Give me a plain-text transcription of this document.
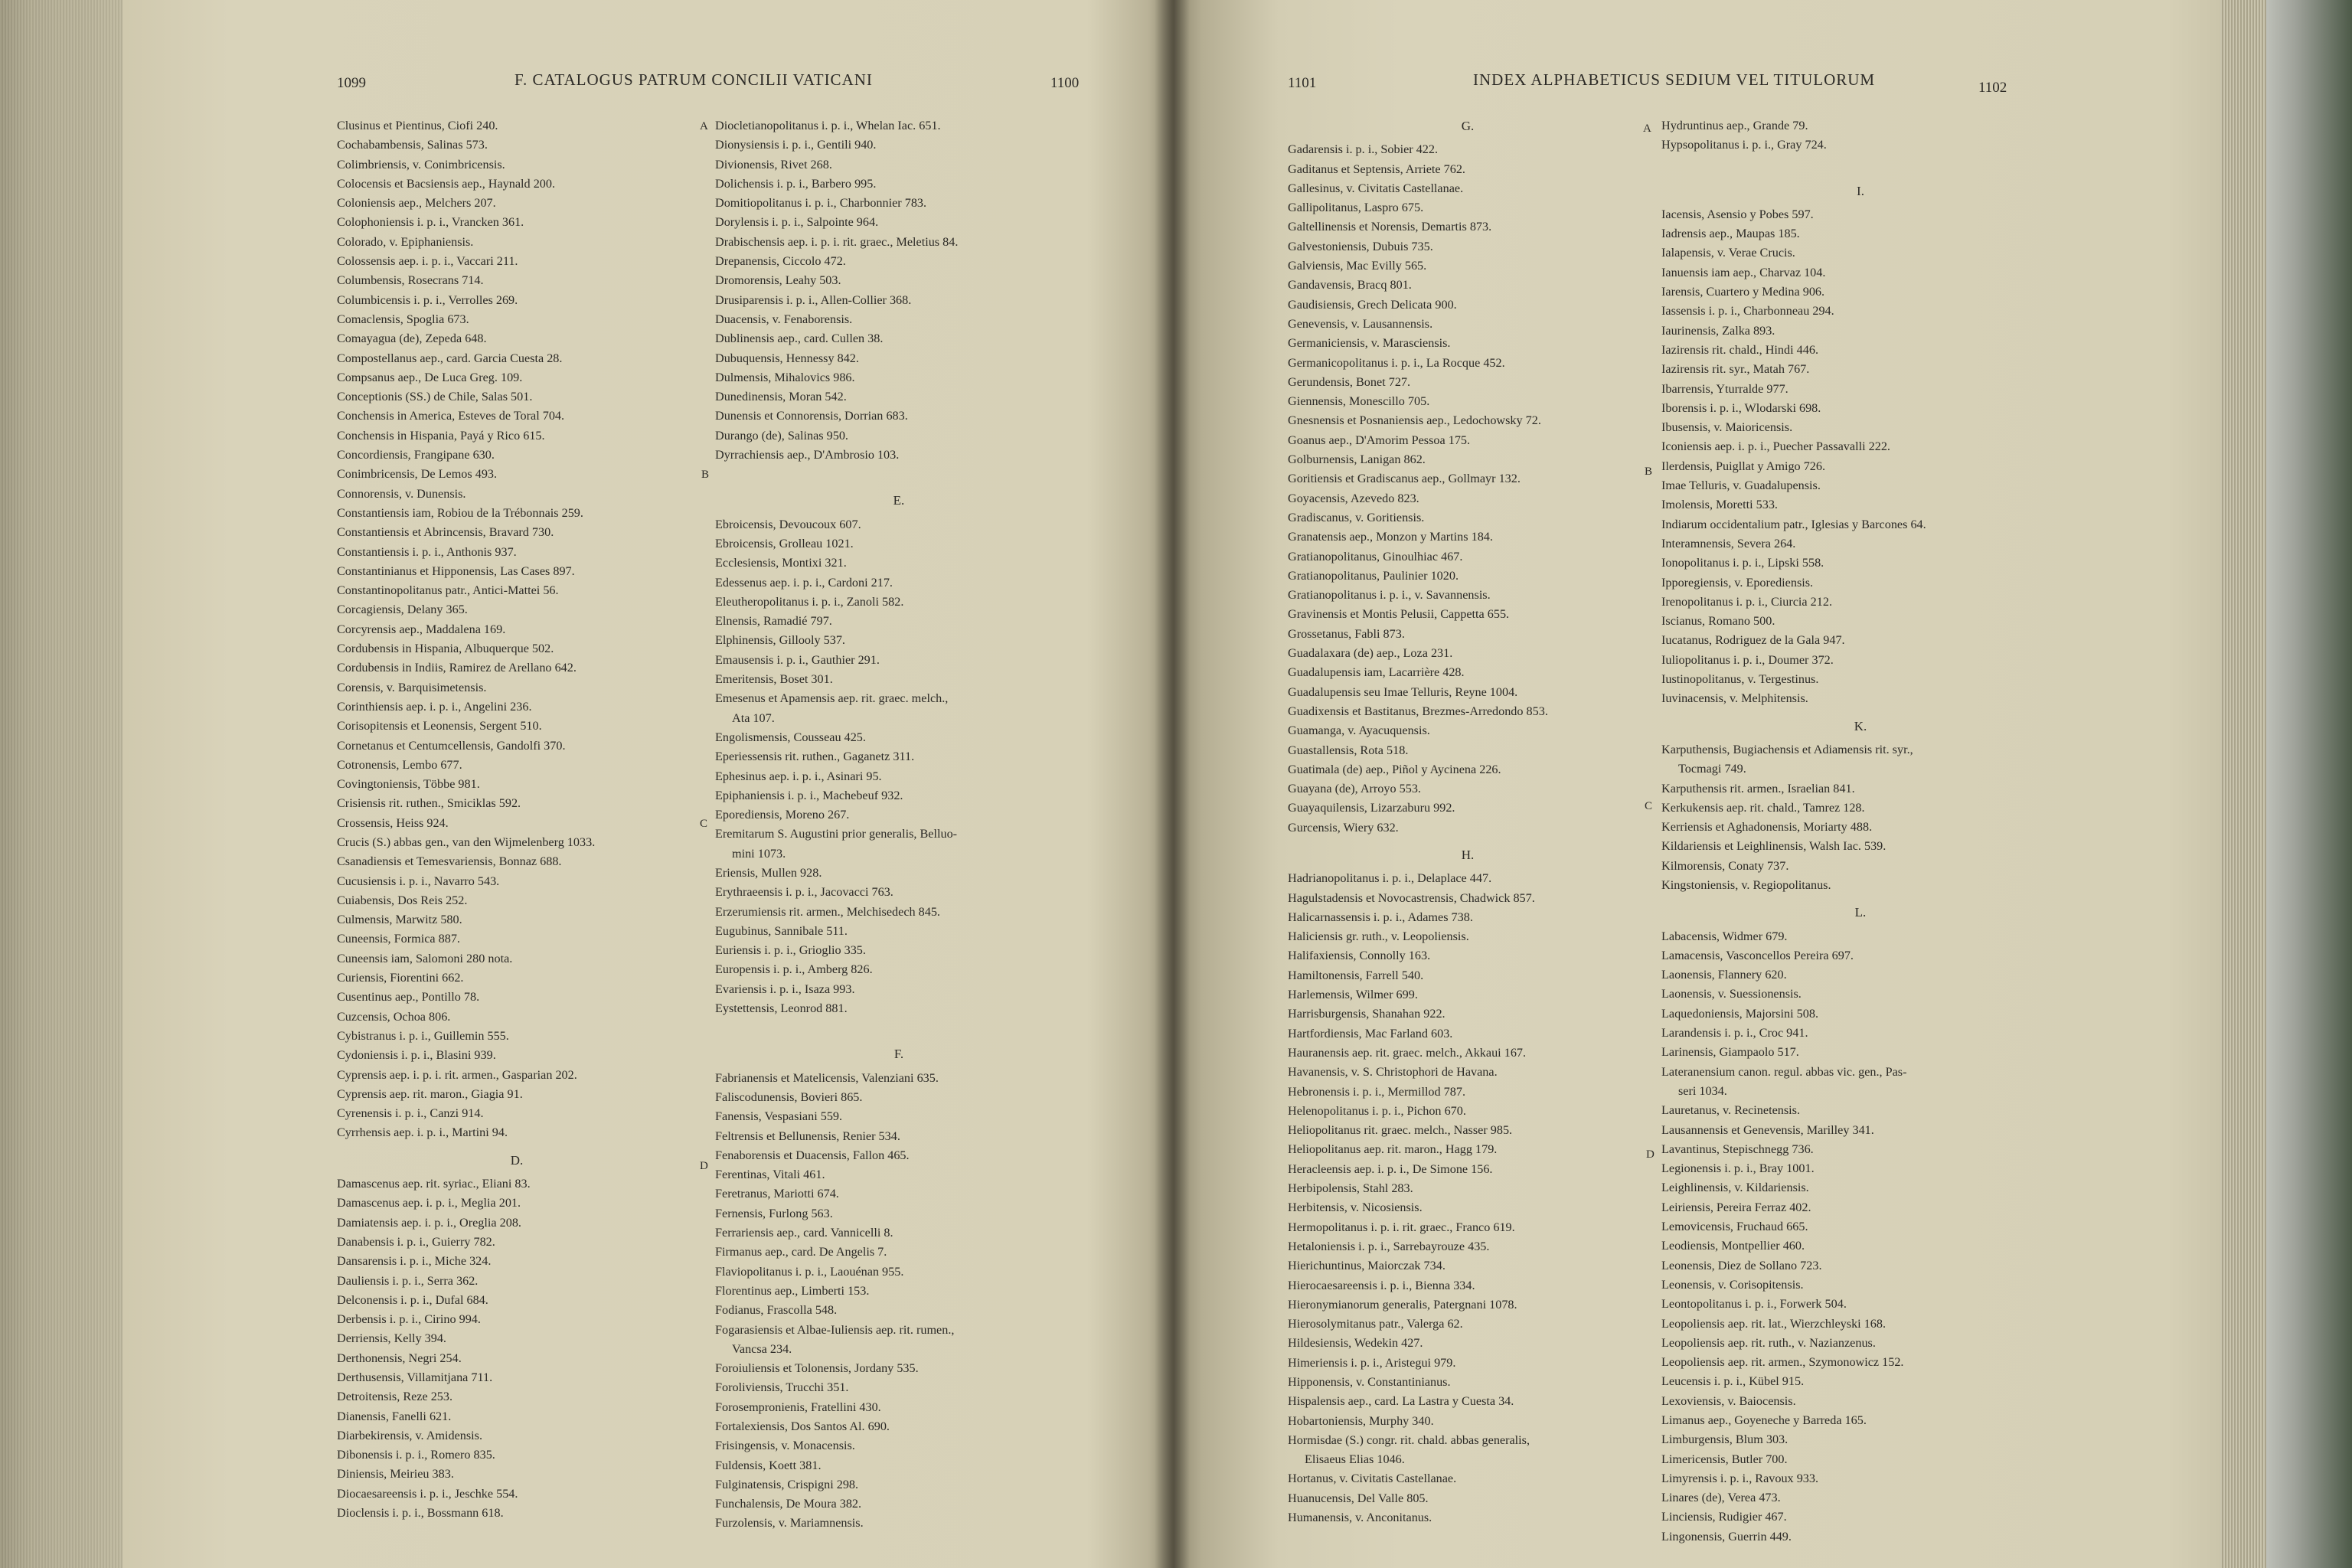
1099	F. CATALOGUS PATRUM CONCILII VATICANI	1100
A
B
C
D
Clusinus et Pientinus, Ciofi 240.
Cochabambensis, Salinas 573.
Colimbriensis, v. Conimbricensis.
Colocensis et Bacsiensis aep., Haynald 200.
Coloniensis aep., Melchers 207.
Colophoniensis i. p. i., Vrancken 361.
Colorado, v. Epiphaniensis.
Colossensis aep. i. p. i., Vaccari 211.
Columbensis, Rosecrans 714.
Columbicensis i. p. i., Verrolles 269.
Comaclensis, Spoglia 673.
Comayagua (de), Zepeda 648.
Compostellanus aep., card. Garcia Cuesta 28.
Compsanus aep., De Luca Greg. 109.
Conceptionis (SS.) de Chile, Salas 501.
Conchensis in America, Esteves de Toral 704.
Conchensis in Hispania, Payá y Rico 615.
Concordiensis, Frangipane 630.
Conimbricensis, De Lemos 493.
Connorensis, v. Dunensis.
Constantiensis iam, Robiou de la Trébonnais 259.
Constantiensis et Abrincensis, Bravard 730.
Constantiensis i. p. i., Anthonis 937.
Constantinianus et Hipponensis, Las Cases 897.
Constantinopolitanus patr., Antici-Mattei 56.
Corcagiensis, Delany 365.
Corcyrensis aep., Maddalena 169.
Cordubensis in Hispania, Albuquerque 502.
Cordubensis in Indiis, Ramirez de Arellano 642.
Corensis, v. Barquisimetensis.
Corinthiensis aep. i. p. i., Angelini 236.
Corisopitensis et Leonensis, Sergent 510.
Cornetanus et Centumcellensis, Gandolfi 370.
Cotronensis, Lembo 677.
Covingtoniensis, Többe 981.
Crisiensis rit. ruthen., Smiciklas 592.
Crossensis, Heiss 924.
Crucis (S.) abbas gen., van den Wijmelenberg 1033.
Csanadiensis et Temesvariensis, Bonnaz 688.
Cucusiensis i. p. i., Navarro 543.
Cuiabensis, Dos Reis 252.
Culmensis, Marwitz 580.
Cuneensis, Formica 887.
Cuneensis iam, Salomoni 280 nota.
Curiensis, Fiorentini 662.
Cusentinus aep., Pontillo 78.
Cuzcensis, Ochoa 806.
Cybistranus i. p. i., Guillemin 555.
Cydoniensis i. p. i., Blasini 939.
Cyprensis aep. i. p. i. rit. armen., Gasparian 202.
Cyprensis aep. rit. maron., Giagia 91.
Cyrenensis i. p. i., Canzi 914.
Cyrrhensis aep. i. p. i., Martini 94.
D.
Damascenus aep. rit. syriac., Eliani 83.
Damascenus aep. i. p. i., Meglia 201.
Damiatensis aep. i. p. i., Oreglia 208.
Danabensis i. p. i., Guierry 782.
Dansarensis i. p. i., Miche 324.
Dauliensis i. p. i., Serra 362.
Delconensis i. p. i., Dufal 684.
Derbensis i. p. i., Cirino 994.
Derriensis, Kelly 394.
Derthonensis, Negri 254.
Derthusensis, Villamitjana 711.
Detroitensis, Reze 253.
Dianensis, Fanelli 621.
Diarbekirensis, v. Amidensis.
Dibonensis i. p. i., Romero 835.
Diniensis, Meirieu 383.
Diocaesareensis i. p. i., Jeschke 554.
Dioclensis i. p. i., Bossmann 618.
Diocletianopolitanus i. p. i., Whelan Iac. 651.
Dionysiensis i. p. i., Gentili 940.
Divionensis, Rivet 268.
Dolichensis i. p. i., Barbero 995.
Domitiopolitanus i. p. i., Charbonnier 783.
Dorylensis i. p. i., Salpointe 964.
Drabischensis aep. i. p. i. rit. graec., Meletius 84.
Drepanensis, Ciccolo 472.
Dromorensis, Leahy 503.
Drusiparensis i. p. i., Allen-Collier 368.
Duacensis, v. Fenaborensis.
Dublinensis aep., card. Cullen 38.
Dubuquensis, Hennessy 842.
Dulmensis, Mihalovics 986.
Dunedinensis, Moran 542.
Dunensis et Connorensis, Dorrian 683.
Durango (de), Salinas 950.
Dyrrachiensis aep., D'Ambrosio 103.
E.
Ebroicensis, Devoucoux 607.
Ebroicensis, Grolleau 1021.
Ecclesiensis, Montixi 321.
Edessenus aep. i. p. i., Cardoni 217.
Eleutheropolitanus i. p. i., Zanoli 582.
Elnensis, Ramadié 797.
Elphinensis, Gillooly 537.
Emausensis i. p. i., Gauthier 291.
Emeritensis, Boset 301.
Emesenus et Apamensis aep. rit. graec. melch.,
Ata 107.
Engolismensis, Cousseau 425.
Eperiessensis rit. ruthen., Gaganetz 311.
Ephesinus aep. i. p. i., Asinari 95.
Epiphaniensis i. p. i., Machebeuf 932.
Eporediensis, Moreno 267.
Eremitarum S. Augustini prior generalis, Belluo-
mini 1073.
Eriensis, Mullen 928.
Erythraeensis i. p. i., Jacovacci 763.
Erzerumiensis rit. armen., Melchisedech 845.
Eugubinus, Sannibale 511.
Euriensis i. p. i., Grioglio 335.
Europensis i. p. i., Amberg 826.
Evariensis i. p. i., Isaza 993.
Eystettensis, Leonrod 881.
F.
Fabrianensis et Matelicensis, Valenziani 635.
Faliscodunensis, Bovieri 865.
Fanensis, Vespasiani 559.
Feltrensis et Bellunensis, Renier 534.
Fenaborensis et Duacensis, Fallon 465.
Ferentinas, Vitali 461.
Feretranus, Mariotti 674.
Fernensis, Furlong 563.
Ferrariensis aep., card. Vannicelli 8.
Firmanus aep., card. De Angelis 7.
Flaviopolitanus i. p. i., Laouénan 955.
Florentinus aep., Limberti 153.
Fodianus, Frascolla 548.
Fogarasiensis et Albae-Iuliensis aep. rit. rumen.,
Vancsa 234.
Foroiuliensis et Tolonensis, Jordany 535.
Foroliviensis, Trucchi 351.
Forosempronienis, Fratellini 430.
Fortalexiensis, Dos Santos Al. 690.
Frisingensis, v. Monacensis.
Fuldensis, Koett 381.
Fulginatensis, Crispigni 298.
Funchalensis, De Moura 382.
Furzolensis, v. Mariamnensis.
1101	INDEX ALPHABETICUS SEDIUM VEL TITULORUM	1102
A
B
C
D
G.
Gadarensis i. p. i., Sobier 422.
Gaditanus et Septensis, Arriete 762.
Gallesinus, v. Civitatis Castellanae.
Gallipolitanus, Laspro 675.
Galtellinensis et Norensis, Demartis 873.
Galvestoniensis, Dubuis 735.
Galviensis, Mac Evilly 565.
Gandavensis, Bracq 801.
Gaudisiensis, Grech Delicata 900.
Genevensis, v. Lausannensis.
Germaniciensis, v. Marasciensis.
Germanicopolitanus i. p. i., La Rocque 452.
Gerundensis, Bonet 727.
Giennensis, Monescillo 705.
Gnesnensis et Posnaniensis aep., Ledochowsky 72.
Goanus aep., D'Amorim Pessoa 175.
Golburnensis, Lanigan 862.
Goritiensis et Gradiscanus aep., Gollmayr 132.
Goyacensis, Azevedo 823.
Gradiscanus, v. Goritiensis.
Granatensis aep., Monzon y Martins 184.
Gratianopolitanus, Ginoulhiac 467.
Gratianopolitanus, Paulinier 1020.
Gratianopolitanus i. p. i., v. Savannensis.
Gravinensis et Montis Pelusii, Cappetta 655.
Grossetanus, Fabli 873.
Guadalaxara (de) aep., Loza 231.
Guadalupensis iam, Lacarrière 428.
Guadalupensis seu Imae Telluris, Reyne 1004.
Guadixensis et Bastitanus, Brezmes-Arredondo 853.
Guamanga, v. Ayacuquensis.
Guastallensis, Rota 518.
Guatimala (de) aep., Piñol y Aycinena 226.
Guayana (de), Arroyo 553.
Guayaquilensis, Lizarzaburu 992.
Gurcensis, Wiery 632.
H.
Hadrianopolitanus i. p. i., Delaplace 447.
Hagulstadensis et Novocastrensis, Chadwick 857.
Halicarnassensis i. p. i., Adames 738.
Haliciensis gr. ruth., v. Leopoliensis.
Halifaxiensis, Connolly 163.
Hamiltonensis, Farrell 540.
Harlemensis, Wilmer 699.
Harrisburgensis, Shanahan 922.
Hartfordiensis, Mac Farland 603.
Hauranensis aep. rit. graec. melch., Akkaui 167.
Havanensis, v. S. Christophori de Havana.
Hebronensis i. p. i., Mermillod 787.
Helenopolitanus i. p. i., Pichon 670.
Heliopolitanus rit. graec. melch., Nasser 985.
Heliopolitanus aep. rit. maron., Hagg 179.
Heracleensis aep. i. p. i., De Simone 156.
Herbipolensis, Stahl 283.
Herbitensis, v. Nicosiensis.
Hermopolitanus i. p. i. rit. graec., Franco 619.
Hetaloniensis i. p. i., Sarrebayrouze 435.
Hierichuntinus, Maiorczak 734.
Hierocaesareensis i. p. i., Bienna 334.
Hieronymianorum generalis, Patergnani 1078.
Hierosolymitanus patr., Valerga 62.
Hildesiensis, Wedekin 427.
Himeriensis i. p. i., Aristegui 979.
Hipponensis, v. Constantinianus.
Hispalensis aep., card. La Lastra y Cuesta 34.
Hobartoniensis, Murphy 340.
Hormisdae (S.) congr. rit. chald. abbas generalis,
Elisaeus Elias 1046.
Hortanus, v. Civitatis Castellanae.
Huanucensis, Del Valle 805.
Humanensis, v. Anconitanus.
Hydruntinus aep., Grande 79.
Hypsopolitanus i. p. i., Gray 724.
I.
Iacensis, Asensio y Pobes 597.
Iadrensis aep., Maupas 185.
Ialapensis, v. Verae Crucis.
Ianuensis iam aep., Charvaz 104.
Iarensis, Cuartero y Medina 906.
Iassensis i. p. i., Charbonneau 294.
Iaurinensis, Zalka 893.
Iazirensis rit. chald., Hindi 446.
Iazirensis rit. syr., Matah 767.
Ibarrensis, Yturralde 977.
Iborensis i. p. i., Wlodarski 698.
Ibusensis, v. Maioricensis.
Iconiensis aep. i. p. i., Puecher Passavalli 222.
Ilerdensis, Puigllat y Amigo 726.
Imae Telluris, v. Guadalupensis.
Imolensis, Moretti 533.
Indiarum occidentalium patr., Iglesias y Barcones 64.
Interamnensis, Severa 264.
Ionopolitanus i. p. i., Lipski 558.
Ipporegiensis, v. Eporediensis.
Irenopolitanus i. p. i., Ciurcia 212.
Iscianus, Romano 500.
Iucatanus, Rodriguez de la Gala 947.
Iuliopolitanus i. p. i., Doumer 372.
Iustinopolitanus, v. Tergestinus.
Iuvinacensis, v. Melphitensis.
K.
Karputhensis, Bugiachensis et Adiamensis rit. syr.,
Tocmagi 749.
Karputhensis rit. armen., Israelian 841.
Kerkukensis aep. rit. chald., Tamrez 128.
Kerriensis et Aghadonensis, Moriarty 488.
Kildariensis et Leighlinensis, Walsh Iac. 539.
Kilmorensis, Conaty 737.
Kingstoniensis, v. Regiopolitanus.
L.
Labacensis, Widmer 679.
Lamacensis, Vasconcellos Pereira 697.
Laonensis, Flannery 620.
Laonensis, v. Suessionensis.
Laquedoniensis, Majorsini 508.
Larandensis i. p. i., Croc 941.
Larinensis, Giampaolo 517.
Lateranensium canon. regul. abbas vic. gen., Pas-
seri 1034.
Lauretanus, v. Recinetensis.
Lausannensis et Genevensis, Marilley 341.
Lavantinus, Stepischnegg 736.
Legionensis i. p. i., Bray 1001.
Leighlinensis, v. Kildariensis.
Leiriensis, Pereira Ferraz 402.
Lemovicensis, Fruchaud 665.
Leodiensis, Montpellier 460.
Leonensis, Diez de Sollano 723.
Leonensis, v. Corisopitensis.
Leontopolitanus i. p. i., Forwerk 504.
Leopoliensis aep. rit. lat., Wierzchleyski 168.
Leopoliensis aep. rit. ruth., v. Nazianzenus.
Leopoliensis aep. rit. armen., Szymonowicz 152.
Leucensis i. p. i., Kübel 915.
Lexoviensis, v. Baiocensis.
Limanus aep., Goyeneche y Barreda 165.
Limburgensis, Blum 303.
Limericensis, Butler 700.
Limyrensis i. p. i., Ravoux 933.
Linares (de), Verea 473.
Linciensis, Rudigier 467.
Lingonensis, Guerrin 449.
